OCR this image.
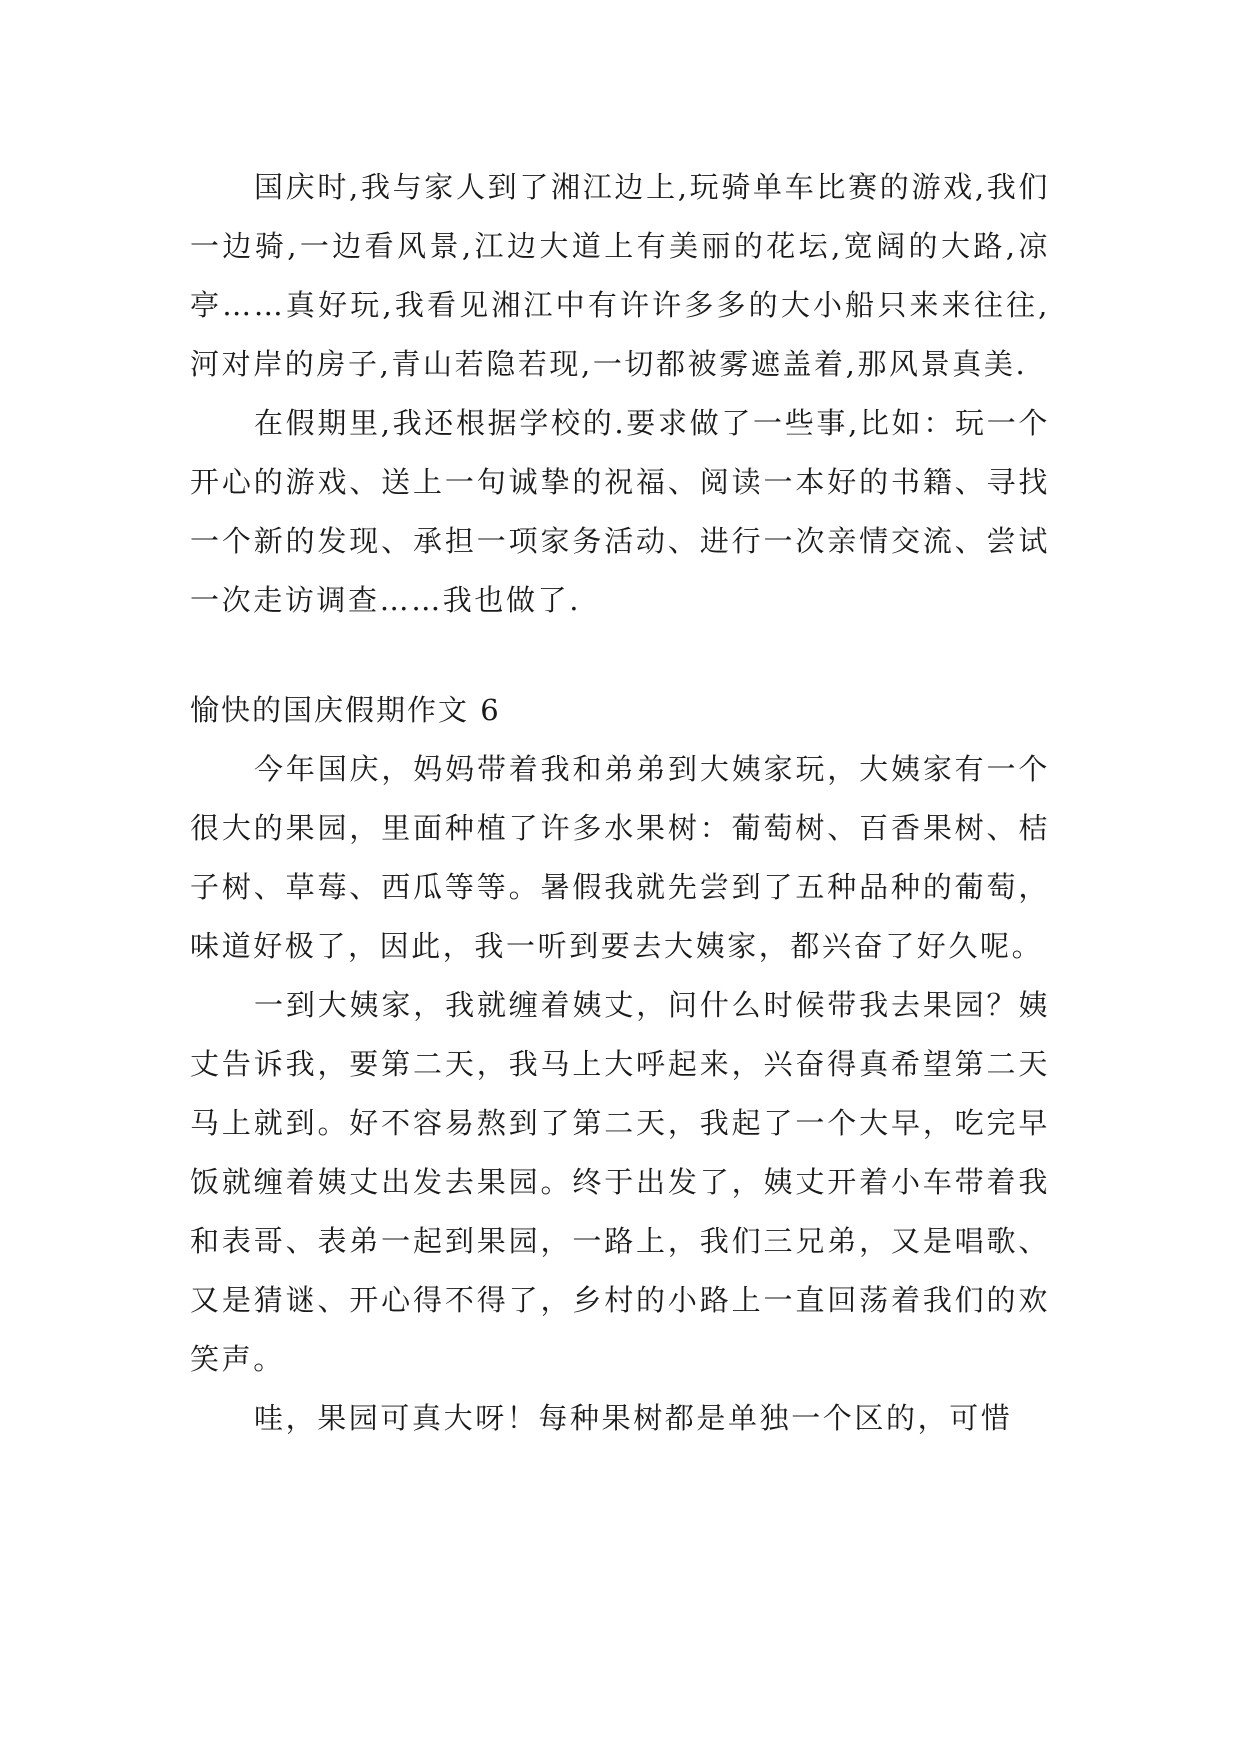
国庆时,我与家人到了湘江边上,玩骑单车比赛的游戏,我们一边骑,一边看风景,江边大道上有美丽的花坛,宽阔的大路,凉亭……真好玩,我看见湘江中有许许多多的大小船只来来往往,河对岸的房子,青山若隐若现,一切都被雾遮盖着,那风景真美.

在假期里,我还根据学校的.要求做了一些事,比如：玩一个开心的游戏、送上一句诚挚的祝福、阅读一本好的书籍、寻找一个新的发现、承担一项家务活动、进行一次亲情交流、尝试一次走访调查……我也做了.

愉快的国庆假期作文 6

今年国庆，妈妈带着我和弟弟到大姨家玩，大姨家有一个很大的果园，里面种植了许多水果树：葡萄树、百香果树、桔子树、草莓、西瓜等等。暑假我就先尝到了五种品种的葡萄，味道好极了，因此，我一听到要去大姨家，都兴奋了好久呢。

一到大姨家，我就缠着姨丈，问什么时候带我去果园？姨丈告诉我，要第二天，我马上大呼起来，兴奋得真希望第二天马上就到。好不容易熬到了第二天，我起了一个大早，吃完早饭就缠着姨丈出发去果园。终于出发了，姨丈开着小车带着我和表哥、表弟一起到果园，一路上，我们三兄弟，又是唱歌、又是猜谜、开心得不得了，乡村的小路上一直回荡着我们的欢笑声。

哇，果园可真大呀！每种果树都是单独一个区的，可惜
